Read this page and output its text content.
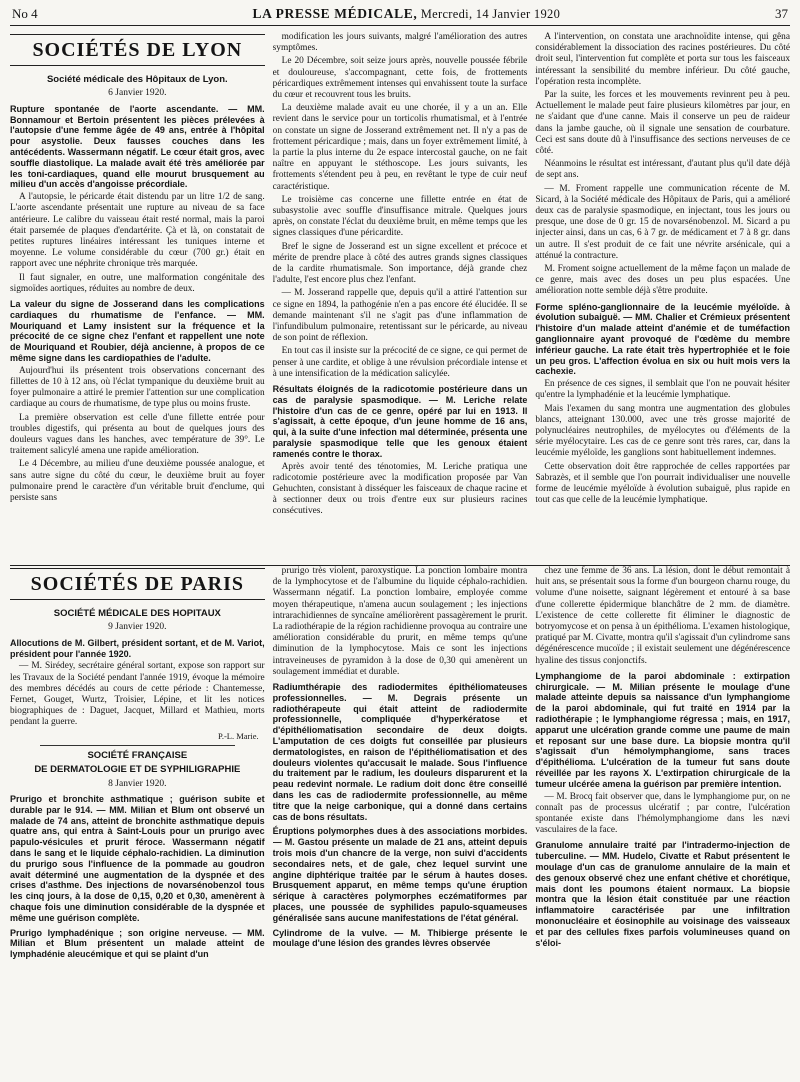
No 4	LA PRESSE MÉDICALE, Mercredi, 14 Janvier 1920	37
SOCIÉTÉS DE LYON
Société médicale des Hôpitaux de Lyon.
6 Janvier 1920.

Rupture spontanée de l'aorte ascendante. — MM. Bonnamour et Bertoin présentent les pièces prélevées à l'autopsie d'une femme âgée de 49 ans, entrée à l'hôpital pour asystolie. Deux fausses couches dans les antécédents. Wassermann négatif. Le cœur était gros, avec souffle diastolique. La malade avait été très améliorée par les toni-cardiaques, quand elle mourut brusquement au milieu d'un accès d'angoisse précordiale.

A l'autopsie, le péricarde était distendu par un litre 1/2 de sang. L'aorte ascendante présentait une rupture au niveau de sa face antérieure. Le calibre du vaisseau était resté normal, mais la paroi était parsemée de plaques d'endartérite. Çà et là, on constatait de petites ruptures linéaires intéressant les tuniques interne et moyenne. Le volume considérable du cœur (700 gr.) était en rapport avec une néphrite chronique très marquée.

Il faut signaler, en outre, une malformation congénitale des sigmoïdes aortiques, réduites au nombre de deux.

La valeur du signe de Josserand dans les complications cardiaques du rhumatisme de l'enfance. — MM. Mouriquand et Lamy insistent sur la fréquence et la précocité de ce signe chez l'enfant et rappellent une note de Mouriquand et Roubier, déjà ancienne, à propos de ce même signe dans les cardiopathies de l'adulte.

Aujourd'hui ils présentent trois observations concernant des fillettes de 10 à 12 ans, où l'éclat tympanique du deuxième bruit au foyer pulmonaire a attiré le premier l'attention sur une complication cardiaque au cours de rhumatisme, de type plus ou moins fruste.

La première observation est celle d'une fillette entrée pour troubles digestifs, qui présenta au bout de quelques jours des douleurs vagues dans les hanches, avec température de 39°. Le traitement salicylé amena une rapide amélioration.

Le 4 Décembre, au milieu d'une deuxième poussée analogue, et sans autre signe du côté du cœur, le deuxième bruit au foyer pulmonaire prend le caractère d'un véritable bruit d'enclume, qui persiste sans

modification les jours suivants, malgré l'amélioration des autres symptômes.

Le 20 Décembre, soit seize jours après, nouvelle poussée fébrile et douloureuse, s'accompagnant, cette fois, de frottements péricardiques extrêmement intenses qui envahissent toute la surface du cœur et recouvrent tous les bruits.

La deuxième malade avait eu une chorée, il y a un an. Elle revient dans le service pour un torticolis rhumatismal, et à l'entrée on constate un signe de Josserand extrêmement net. Il n'y a pas de frottement péricardique ; mais, dans un foyer extrêmement limité, à la partie la plus interne du 2e espace intercostal gauche, on ne fait naître en appuyant le stéthoscope. Les jours suivants, les frottements s'étendent peu à peu, en revêtant le type de cuir neuf caractéristique.

Le troisième cas concerne une fillette entrée en état de subasystolie avec souffle d'insuffisance mitrale. Quelques jours après, on constate l'éclat du deuxième bruit, en même temps que les signes classiques d'une péricardite.

Bref le signe de Josserand est un signe excellent et précoce et mérite de prendre place à côté des autres grands signes classiques de la cardite rhumatismale. Son importance, déjà grande chez l'adulte, l'est encore plus chez l'enfant.

— M. Josserand rappelle que, depuis qu'il a attiré l'attention sur ce signe en 1894, la pathogénie n'en a pas encore été élucidée. Il se demande maintenant s'il ne s'agit pas d'une inflammation de l'infundibulum pulmonaire, retentissant sur le péricarde, au niveau de son point de réflexion.

En tout cas il insiste sur la précocité de ce signe, ce qui permet de penser à une cardite, et oblige à une révulsion précordiale intense et à une intensification de la médication salicylée.

Résultats éloignés de la radicotomie postérieure dans un cas de paralysie spasmodique. — M. Leriche relate l'histoire d'un cas de ce genre, opéré par lui en 1913. Il s'agissait, à cette époque, d'un jeune homme de 16 ans, qui, à la suite d'une infection mal déterminée, présenta une paralysie spasmodique telle que les genoux étaient ramenés contre le thorax.

Après avoir tenté des ténotomies, M. Leriche pratiqua une radicotomie postérieure avec la modification proposée par Van Gehuchten, consistant à disséquer les faisceaux de chaque racine et à sectionner deux ou trois d'entre eux sur plusieurs racines consécutives.

A l'intervention, on constata une arachnoïdite intense, qui gêna considérablement la dissociation des racines postérieures. Du côté droit seul, l'intervention fut complète et porta sur tous les faisceaux intéressant la sensibilité du membre inférieur. Du côté gauche, l'opération resta incomplète.

Par la suite, les forces et les mouvements revinrent peu à peu. Actuellement le malade peut faire plusieurs kilomètres par jour, en ne s'aidant que d'une canne. Mais il conserve un peu de raideur dans la jambe gauche, où il signale une sensation de courbature. Ceci est sans doute dû à l'insuffisance des sections nerveuses de ce côté.

Néanmoins le résultat est intéressant, d'autant plus qu'il date déjà de sept ans.

— M. Froment rappelle une communication récente de M. Sicard, à la Société médicale des Hôpitaux de Paris, qui a amélioré deux cas de paralysie spasmodique, en injectant, tous les jours ou presque, une dose de 0 gr. 15 de novarsénobenzol. M. Sicard a pu injecter ainsi, dans un cas, 6 à 7 gr. de médicament et 7 à 8 gr. dans un autre. Il s'est produit de ce fait une névrite arsénicale, qui a atténué la contracture.

M. Froment soigne actuellement de la même façon un malade de ce genre, mais avec des doses un peu plus espacées. Une amélioration notte semble déjà s'être produite.

Forme spléno-ganglionnaire de la leucémie myéloïde. à évolution subaiguë. — MM. Chalier et Crémieux présentent l'histoire d'un malade atteint d'anémie et de tuméfaction ganglionnaire ayant provoqué de l'œdème du membre inférieur gauche. La rate était très hypertrophiée et le foie un peu gros. L'affection évolua en six ou huit mois vers la cachexie.

En présence de ces signes, il semblait que l'on ne pouvait hésiter qu'entre la lymphadénie et la leucémie lymphatique.

Mais l'examen du sang montra une augmentation des globules blancs, atteignant 130.000, avec une très grosse majorité de polynucléaires neutrophiles, de myélocytes ou d'éléments de la série myélocytaire. Les cas de ce genre sont très rares, car, dans la leucémie myéloïde, les ganglions sont habituellement indemnes.

Cette observation doit être rapprochée de celles rapportées par Sabrazès, et il semble que l'on pourrait individualiser une nouvelle forme de leucémie myéloïde à évolution subaiguë, plus rapide en tout cas que celle de la leucémie lymphatique.

SOCIÉTÉS DE PARIS
SOCIÉTÉ MÉDICALE DES HOPITAUX
9 Janvier 1920.

Allocutions de M. Gilbert, président sortant, et de M. Variot, président pour l'année 1920.

— M. Sirédey, secrétaire général sortant, expose son rapport sur les Travaux de la Société pendant l'année 1919, évoque la mémoire des membres décédés au cours de cette période : Chantemesse, Fernet, Gouget, Wurtz, Troisier, Lépine, et lit les notices biographiques de : Daguet, Jacquet, Millard et Mathieu, morts pendant la guerre.

P.-L. Marie.
SOCIÉTÉ FRANÇAISE
DE DERMATOLOGIE ET DE SYPHILIGRAPHIE
8 Janvier 1920.

Prurigo et bronchite asthmatique ; guérison subite et durable par le 914. — MM. Milian et Blum ont observé un malade de 74 ans, atteint de bronchite asthmatique depuis quatre ans, qui entra à Saint-Louis pour un prurigo avec papulo-vésicules et prurit féroce. Wassermann négatif dans le sang et le liquide céphalo-rachidien. La diminution du prurigo sous l'influence de la pommade au goudron avait déterminé une augmentation de la dyspnée et des crises d'asthme. Des injections de novarsénobenzol tous les cinq jours, à la dose de 0,15, 0,20 et 0,30, amenèrent à chaque fois une diminution considérable de la dyspnée et même une guérison complète.

Prurigo lymphadénique ; son origine nerveuse. — MM. Milian et Blum présentent un malade atteint de lymphadénie aleucémique et qui se plaint d'un

prurigo très violent, paroxystique. La ponction lombaire montra de la lymphocytose et de l'albumine du liquide céphalo-rachidien. Wassermann négatif. La ponction lombaire, employée comme moyen thérapeutique, n'amena aucun soulagement ; les injections intrarachidiennes de syncaïne améliorèrent passagèrement le prurit. La radiothérapie de la région rachidienne provoqua au contraire une amélioration considérable du prurit, en même temps qu'une diminution de la lymphocytose. Mais ce sont les injections intraveineuses de pyramidon à la dose de 0,30 qui amenèrent un soulagement immédiat et durable.

Radiumthérapie des radiodermites épithéliomateuses professionnelles. — M. Degrais présente un radiothérapeute qui était atteint de radiodermite professionnelle, compliquée d'hyperkératose et d'épithéliomatisation secondaire de deux doigts. L'amputation de ces doigts fut conseillée par plusieurs dermatologistes, en raison de l'épithéliomatisation et des douleurs violentes qu'accusait le malade. Sous l'influence du traitement par le radium, les douleurs disparurent et la peau redevint normale. Le radium doit donc être conseillé dans les cas de radiodermite professionnelle, au même titre que la neige carbonique, qui a donné dans certains cas de bons résultats.

Éruptions polymorphes dues à des associations morbides. — M. Gastou présente un malade de 21 ans, atteint depuis trois mois d'un chancre de la verge, non suivi d'accidents secondaires nets, et de gale, chez lequel survint une angine diphtérique traitée par le sérum à hautes doses. Brusquement apparut, en même temps qu'une éruption sérique à caractères polymorphes eczématiformes par places, une poussée de syphilides papulo-squameuses généralisée sans aucune manifestations de l'état général.

Cylindrome de la vulve. — M. Thibierge présente le moulage d'une lésion des grandes lèvres observée

chez une femme de 36 ans. La lésion, dont le début remontait à huit ans, se présentait sous la forme d'un bourgeon charnu rouge, du volume d'une noisette, saignant légèrement et entouré à sa base d'une collerette épidermique blanchâtre de 2 mm. de diamètre. L'existence de cette collerette fit éliminer le diagnostic de botryomycose et on pensa à un épithélioma. L'examen histologique, pratiqué par M. Civatte, montra qu'il s'agissait d'un cylindrome sans dégénérescence mucoïde ; il existait seulement une dégénérescence hyaline des tissus conjonctifs.

Lymphangiome de la paroi abdominale : extirpation chirurgicale. — M. Milian présente le moulage d'une malade atteinte depuis sa naissance d'un lymphangiome de la paroi abdominale, qui fut traité en 1914 par la radiothérapie ; le lymphangiome régressa ; mais, en 1917, apparut une ulcération grande comme une paume de main et reposant sur une base dure. La biopsie montra qu'il s'agissait d'un hémolymphangiome, sans traces d'épithélioma. L'ulcération de la tumeur fut sans doute réveillée par les rayons X. L'extirpation chirurgicale de la tumeur ulcérée amena la guérison par première intention.

— M. Brocq fait observer que, dans le lymphangiome pur, on ne connaît pas de processus ulcératif ; par contre, l'ulcération spontanée existe dans l'hémolymphangiome dans les nævi vasculaires de la face.

Granulome annulaire traité par l'intradermo-injection de tuberculine. — MM. Hudelo, Civatte et Rabut présentent le moulage d'un cas de granulome annulaire de la main et des genoux observé chez une enfant chétive et chorétique, mais dont les poumons étaient normaux. La biopsie montra que la lésion était constituée par une réaction inflammatoire caractérisée par une infiltration mononucléaire et éosinophile au voisinage des vaisseaux et par des cellules fixes parfois volumineuses quand on s'éloi-
